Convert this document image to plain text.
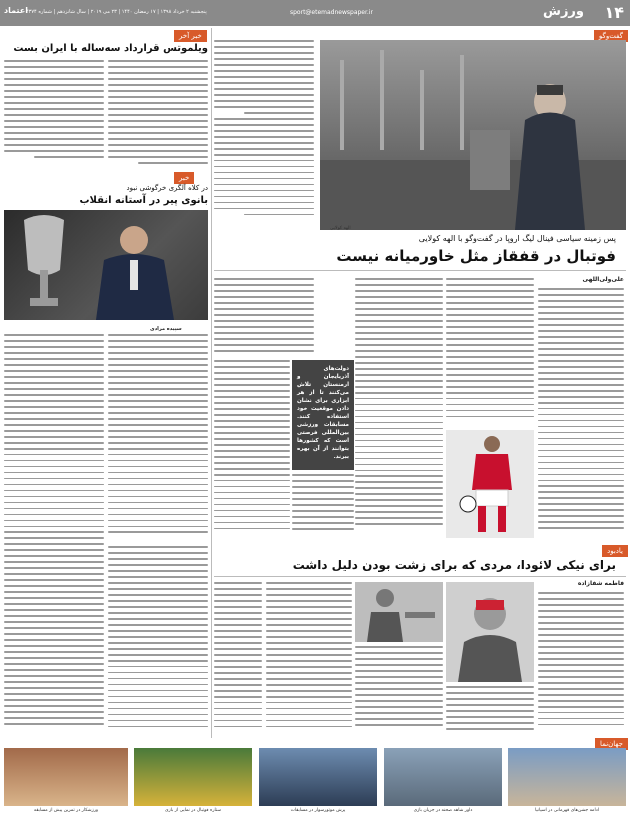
۱۴
ورزش
sport@etemadnewspaper.ir
پنجشنبه ۲ خرداد ۱۳۹۸ | ۱۷ رمضان ۱۴۴۰ | ۲۳ می ۲۰۱۹ | سال شانزدهم | شماره ۴۳۷۴
اعتماد
گفت‌وگو
الهه کولایی
پس زمینه سیاسی فینال لیگ اروپا در گفت‌وگو با الهه کولایی
فوتبال در قفقاز مثل خاورمیانه نیست
علی‌ولی‌اللهی
دولت‌های آذربایجان و ارمنستان تلاش می‌کنند تا از هر ابزاری برای نشان دادن موقعیت خود استفاده کنند. مسابقات ورزشی بین‌المللی فرصتی است که کشورها بتوانند از آن بهره ببرند.
خبر آخر
ویلموتس قرارداد سه‌ساله با ایران بست
خبر
در کلاه آلگری خرگوشی نبود
بانوی پیر در آستانه انقلاب
سپیده مرادی
یادبود
برای نیکی لائودا، مردی که برای زشت بودن دلیل داشت
فاطمه شفازاده
جهان‌نما
ادامه جشن‌های قهرمانی در اسپانیا
داور شاهد صحنه در جریان بازی
پرش موتورسوار در مسابقات
ستاره فوتبال در نمایی از بازی
ورزشکار در تمرین پیش از مسابقه
